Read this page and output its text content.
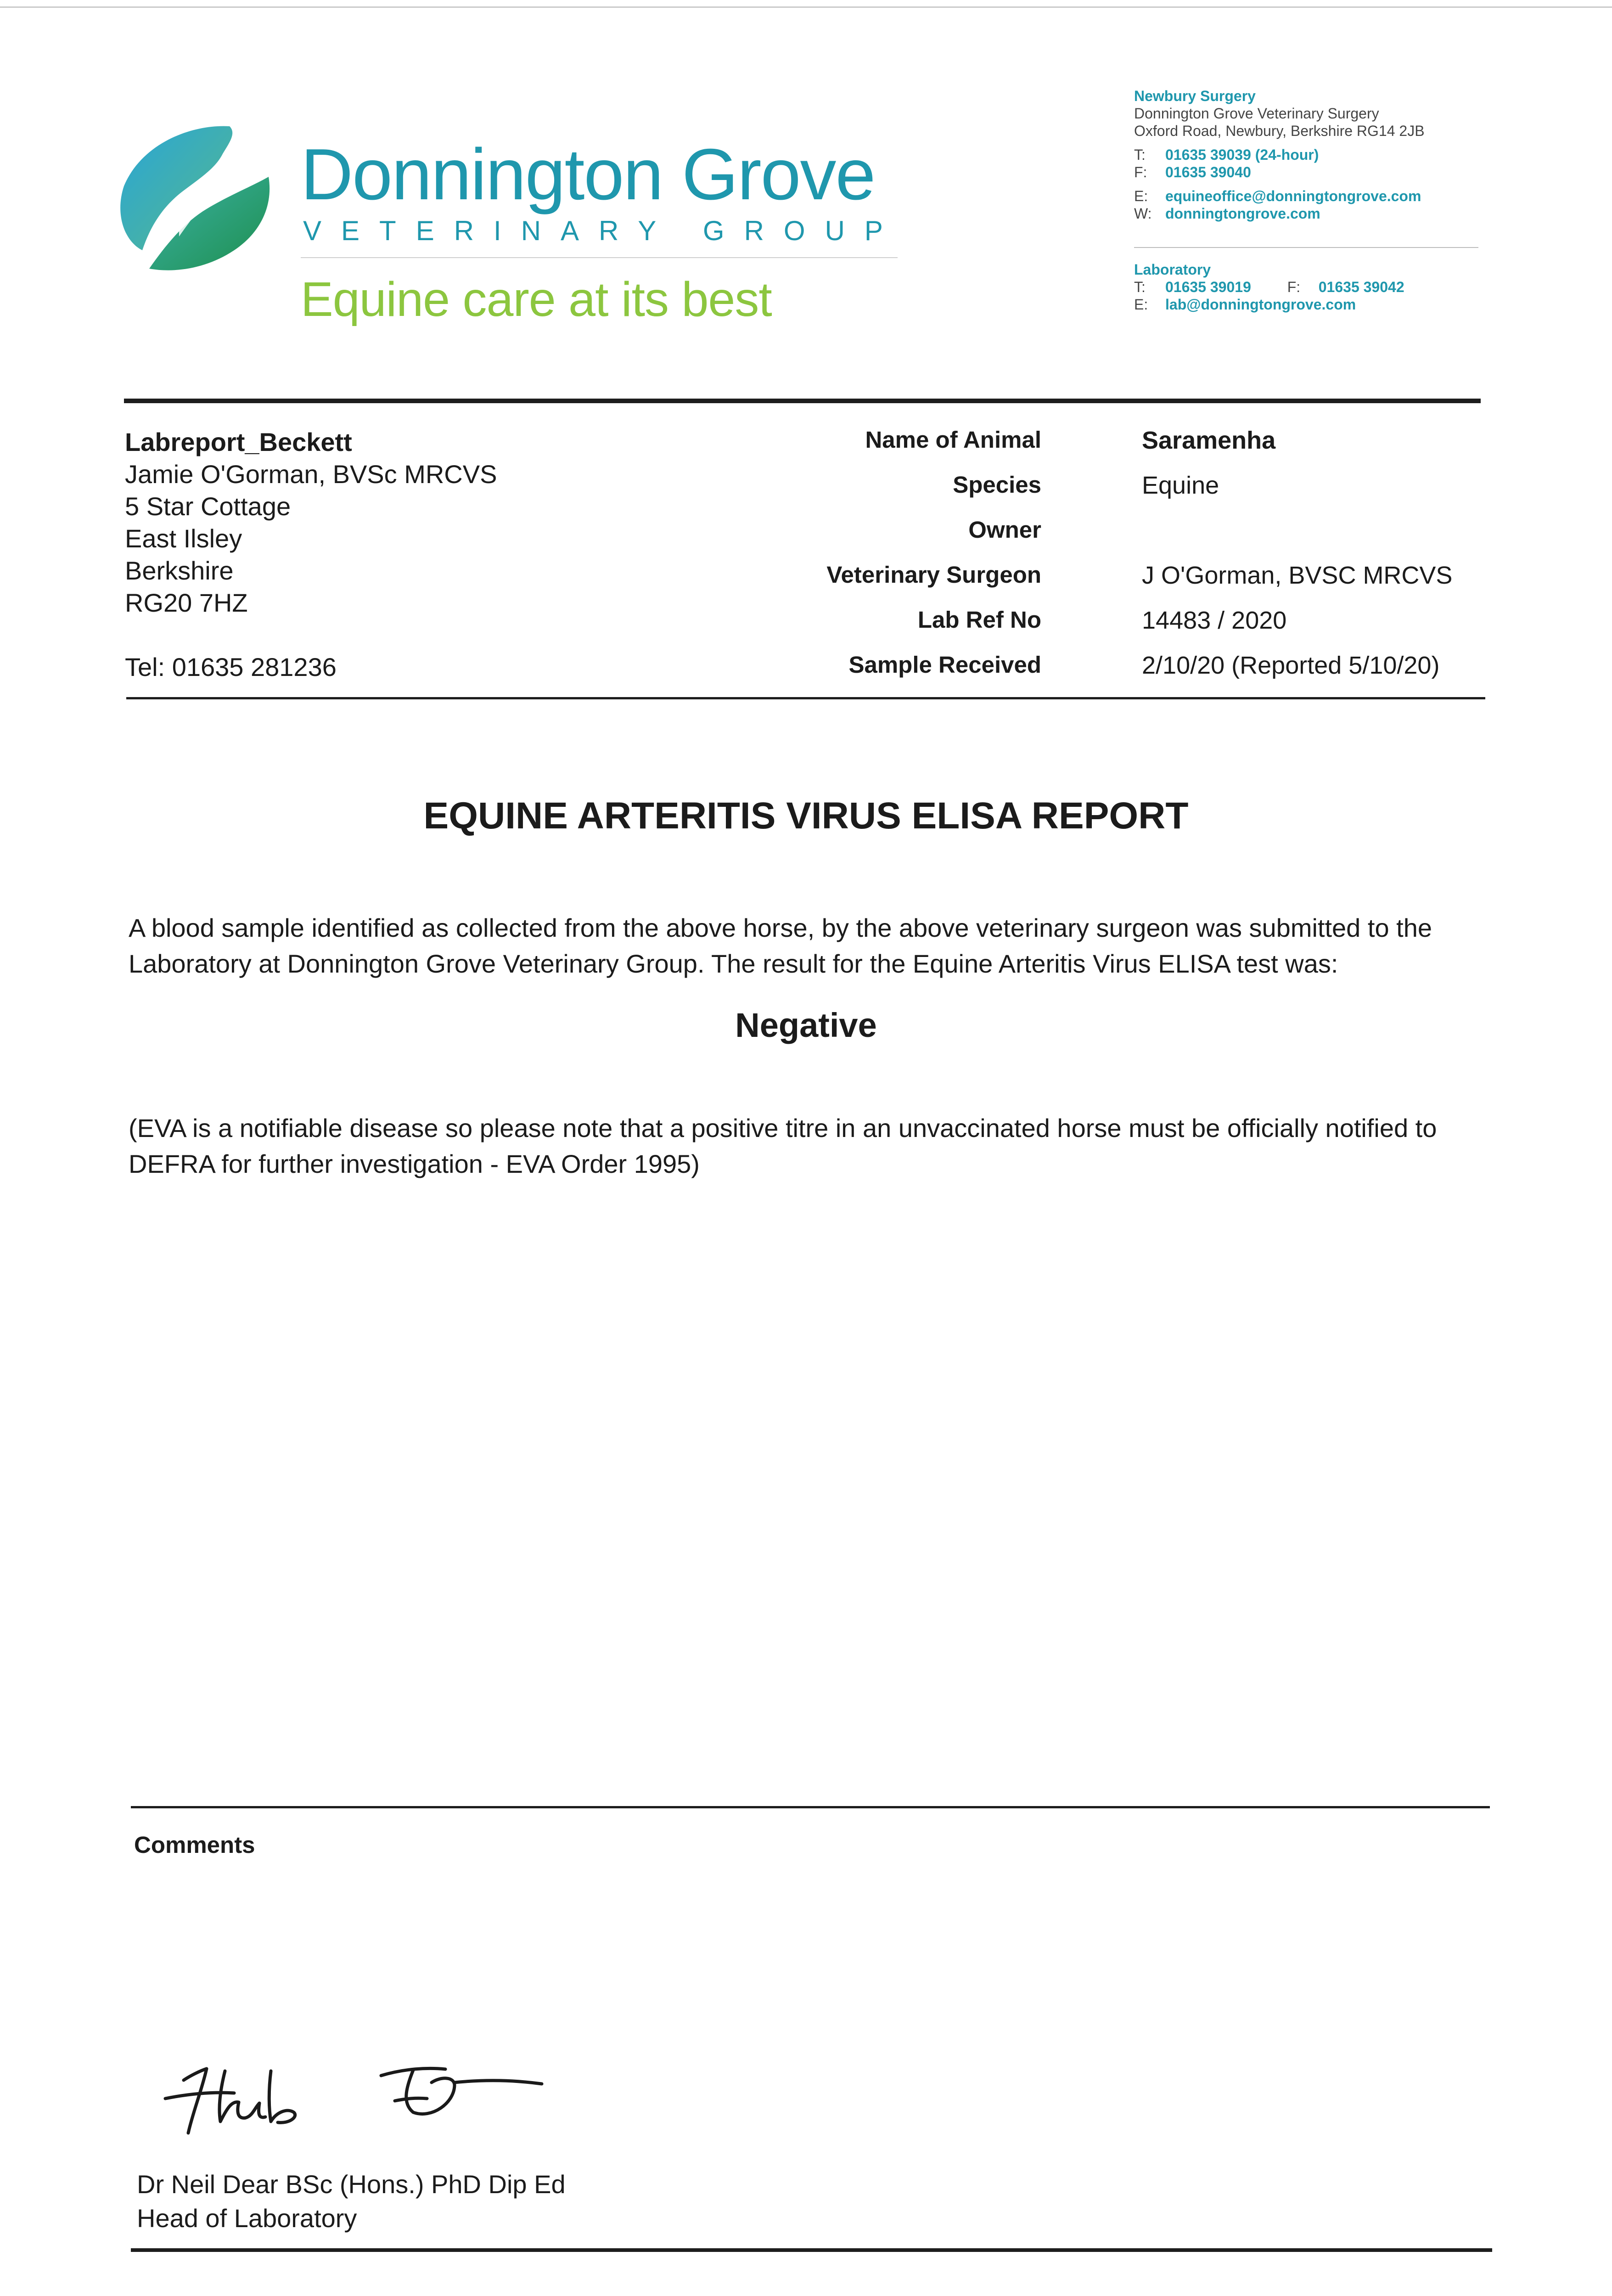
Donnington Grove
VETERINARY GROUP
Equine care at its best
Newbury Surgery
Donnington Grove Veterinary Surgery
Oxford Road, Newbury, Berkshire RG14 2JB
T: 01635 39039 (24-hour)
F: 01635 39040
E: equineoffice@donningtongrove.com
W: donningtongrove.com
Laboratory
T: 01635 39019 F: 01635 39042
E: lab@donningtongrove.com
Labreport_Beckett
Jamie O'Gorman, BVSc MRCVS
5 Star Cottage
East Ilsley
Berkshire
RG20 7HZ
Tel: 01635 281236
Name of Animal	Saramenha
Species	Equine
Owner
Veterinary Surgeon	J O'Gorman, BVSC MRCVS
Lab Ref No	14483 / 2020
Sample Received	2/10/20 (Reported 5/10/20)
EQUINE ARTERITIS VIRUS ELISA REPORT
A blood sample identified as collected from the above horse, by the above veterinary surgeon was submitted to the Laboratory at Donnington Grove Veterinary Group. The result for the Equine Arteritis Virus ELISA test was:
Negative
(EVA is a notifiable disease so please note that a positive titre in an unvaccinated horse must be officially notified to DEFRA for further investigation - EVA Order 1995)
Comments
Dr Neil Dear BSc (Hons.) PhD Dip Ed
Head of Laboratory
